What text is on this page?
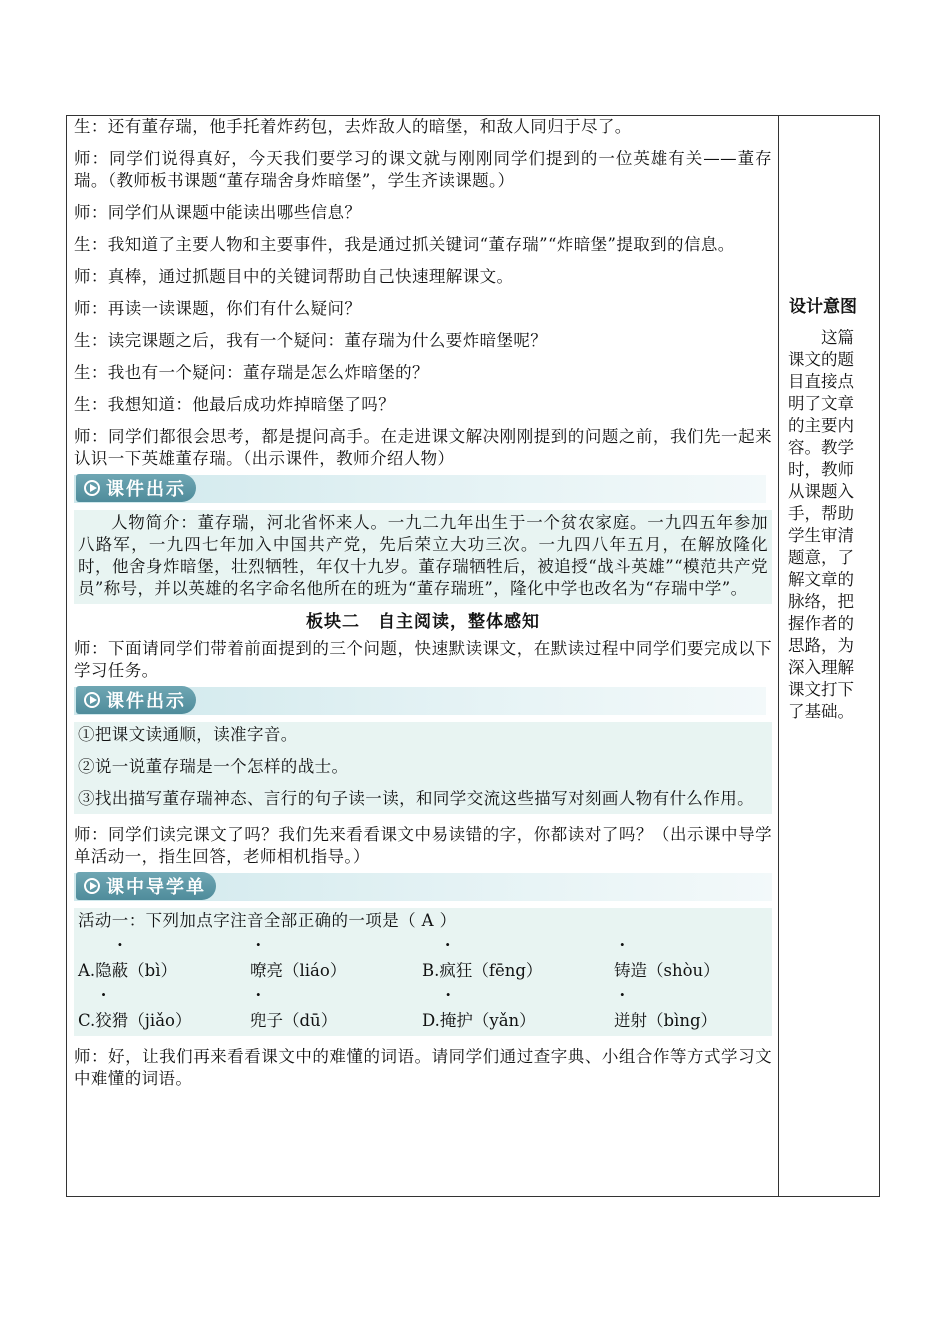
生：还有董存瑞，他手托着炸药包，去炸敌人的暗堡，和敌人同归于尽了。

师：同学们说得真好，今天我们要学习的课文就与刚刚同学们提到的一位英雄有关——董存瑞。（教师板书课题“董存瑞舍身炸暗堡”，学生齐读课题。）

师：同学们从课题中能读出哪些信息？

生：我知道了主要人物和主要事件，我是通过抓关键词“董存瑞”“炸暗堡”提取到的信息。

师：真棒，通过抓题目中的关键词帮助自己快速理解课文。

师：再读一读课题，你们有什么疑问？

生：读完课题之后，我有一个疑问：董存瑞为什么要炸暗堡呢？

生：我也有一个疑问：董存瑞是怎么炸暗堡的？

生：我想知道：他最后成功炸掉暗堡了吗？

师：同学们都很会思考，都是提问高手。在走进课文解决刚刚提到的问题之前，我们先一起来认识一下英雄董存瑞。（出示课件，教师介绍人物）

课件出示

人物简介：董存瑞，河北省怀来人。一九二九年出生于一个贫农家庭。一九四五年参加八路军，一九四七年加入中国共产党，先后荣立大功三次。一九四八年五月，在解放隆化时，他舍身炸暗堡，壮烈牺牲，年仅十九岁。董存瑞牺牲后，被追授“战斗英雄”“模范共产党员”称号，并以英雄的名字命名他所在的班为“董存瑞班”，隆化中学也改名为“存瑞中学”。

板块二　自主阅读，整体感知

师：下面请同学们带着前面提到的三个问题，快速默读课文，在默读过程中同学们要完成以下学习任务。

课件出示

①把课文读通顺，读准字音。

②说一说董存瑞是一个怎样的战士。

③找出描写董存瑞神态、言行的句子读一读，和同学交流这些描写对刻画人物有什么作用。

师：同学们读完课文了吗？我们先来看看课文中易读错的字，你都读对了吗？（出示课中导学单活动一，指生回答，老师相机指导。）

课中导学单

活动一：下列加点字注音全部正确的一项是（ A ）

A.隐蔽（bì）	嘹亮（liáo）	B.疯狂（fēng）	铸造（shòu）
C.狡猾（jiǎo）	兜子（dū）	D.掩护（yǎn）	迸射（bìng）

师：好，让我们再来看看课文中的难懂的词语。请同学们通过查字典、小组合作等方式学习文中难懂的词语。

设计意图
这篇课文的题目直接点明了文章的主要内容。教学时，教师从课题入手，帮助学生审清题意，了解文章的脉络，把握作者的思路，为深入理解课文打下了基础。
